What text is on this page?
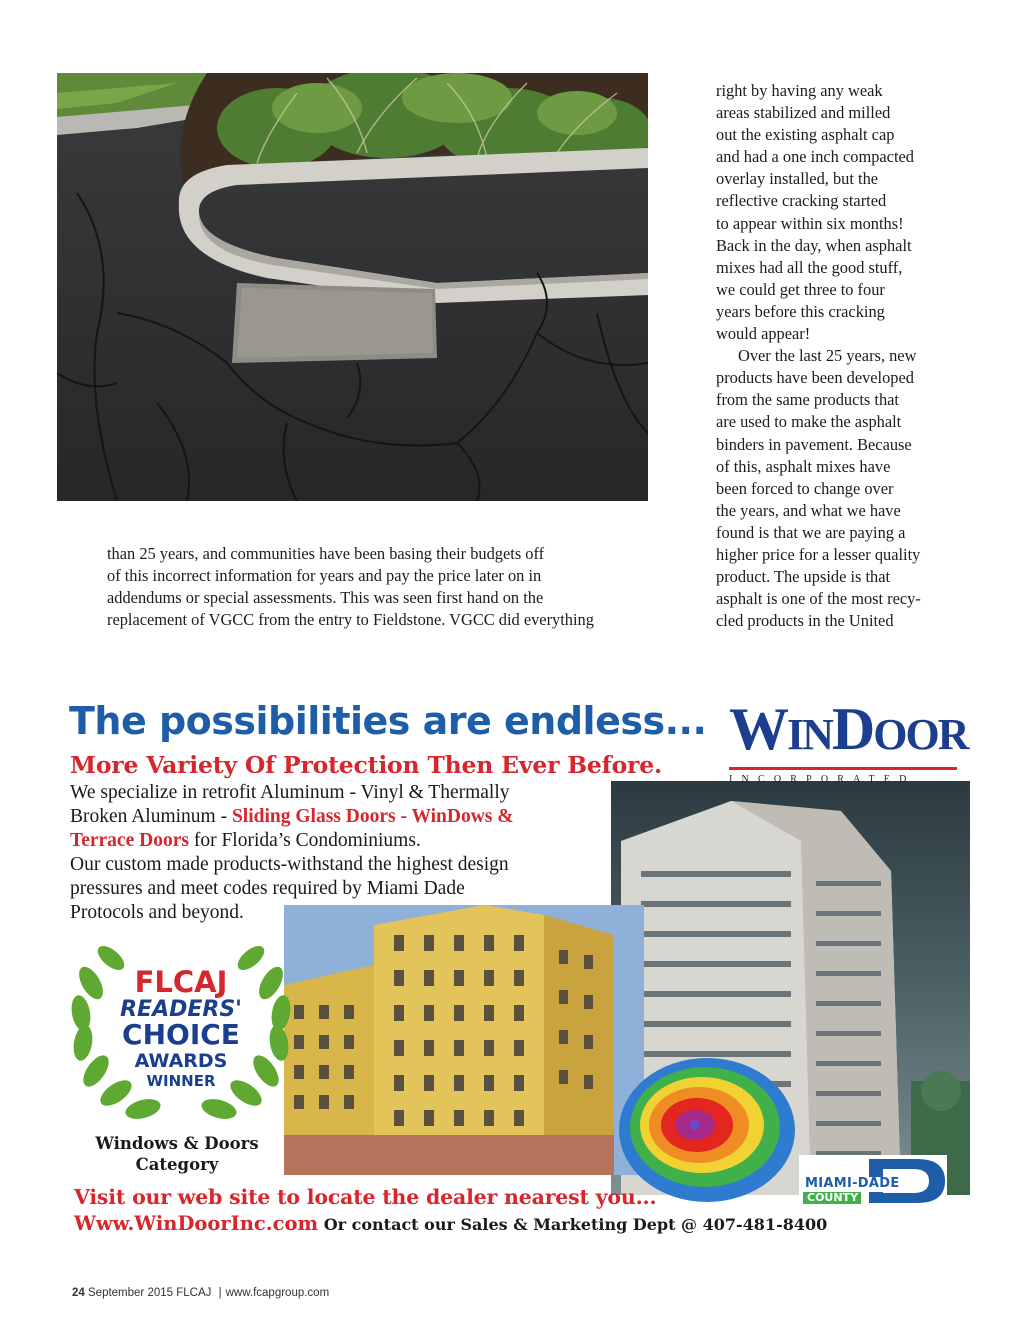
right by having any weak
areas stabilized and milled
out the existing asphalt cap
and had a one inch compacted
overlay installed, but the
reflective cracking started
to appear within six months!
Back in the day, when asphalt
mixes had all the good stuff,
we could get three to four
years before this cracking
would appear!

Over the last 25 years, new
products have been developed
from the same products that
are used to make the asphalt
binders in pavement. Because
of this, asphalt mixes have
been forced to change over
the years, and what we have
found is that we are paying a
higher price for a lesser quality
product. The upside is that
asphalt is one of the most recy-
cled products in the United

than 25 years, and communities have been basing their budgets off
of this incorrect information for years and pay the price later on in
addendums or special assessments. This was seen first hand on the
replacement of VGCC from the entry to Fieldstone. VGCC did everything

The possibilities are endless...
More Variety Of Protection Then Ever Before.
We specialize in retrofit Aluminum - Vinyl & Thermally
Broken Aluminum - Sliding Glass Doors - WinDows &
Terrace Doors for Florida’s Condominiums.
Our custom made products-withstand the highest design
pressures and meet codes required by Miami Dade
Protocols and beyond.
WINDOOR
INCORPORATED
FLCAJ
READERS'
CHOICE
AWARDS
WINNER
Windows & Doors
Category
MIAMI-DADE
COUNTY
Visit our web site to locate the dealer nearest you...
Www.WinDoorInc.com Or contact our Sales & Marketing Dept @ 407-481-8400
24 September 2015 FLCAJ | www.fcapgroup.com
